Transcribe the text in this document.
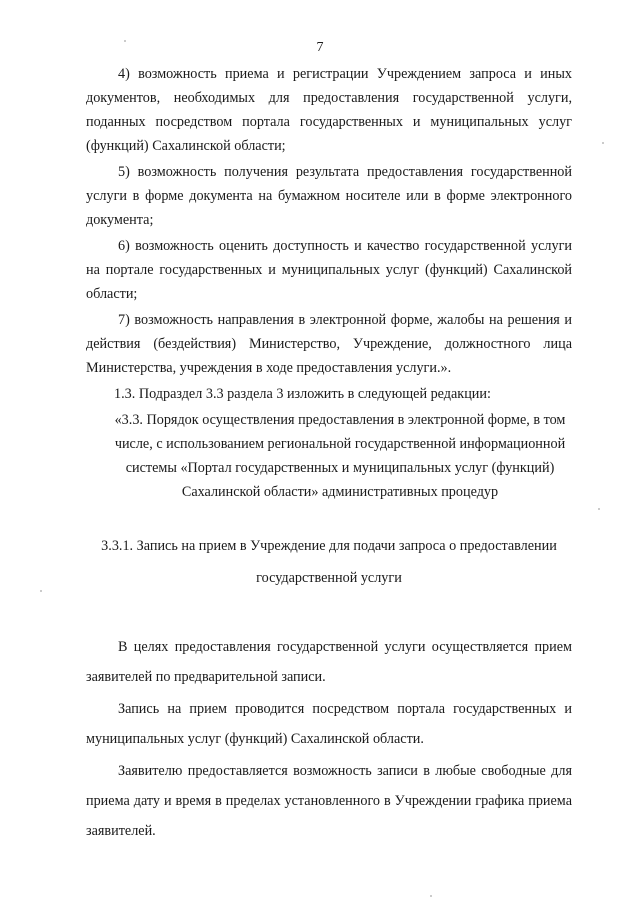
7

4) возможность приема и регистрации Учреждением запроса и иных документов, необходимых для предоставления государственной услуги, поданных посредством портала государственных и муниципальных услуг (функций) Сахалинской области;

5) возможность получения результата предоставления государственной услуги в форме документа на бумажном носителе или в форме электронного документа;

6) возможность оценить доступность и качество государственной услуги на портале государственных и муниципальных услуг (функций) Сахалинской области;

7) возможность направления в электронной форме, жалобы на решения и действия (бездействия) Министерство, Учреждение, должностного лица Министерства, учреждения в ходе предоставления услуги.».

1.3. Подраздел 3.3 раздела 3 изложить в следующей редакции:

«3.3. Порядок осуществления предоставления в электронной форме, в том числе, с использованием региональной государственной информационной системы «Портал государственных и муниципальных услуг (функций) Сахалинской области» административных процедур

3.3.1. Запись на прием в Учреждение для подачи запроса о предоставлении государственной услуги

В целях предоставления государственной услуги осуществляется прием заявителей по предварительной записи.

Запись на прием проводится посредством портала государственных и муниципальных услуг (функций) Сахалинской области.

Заявителю предоставляется возможность записи в любые свободные для приема дату и время в пределах установленного в Учреждении графика приема заявителей.
